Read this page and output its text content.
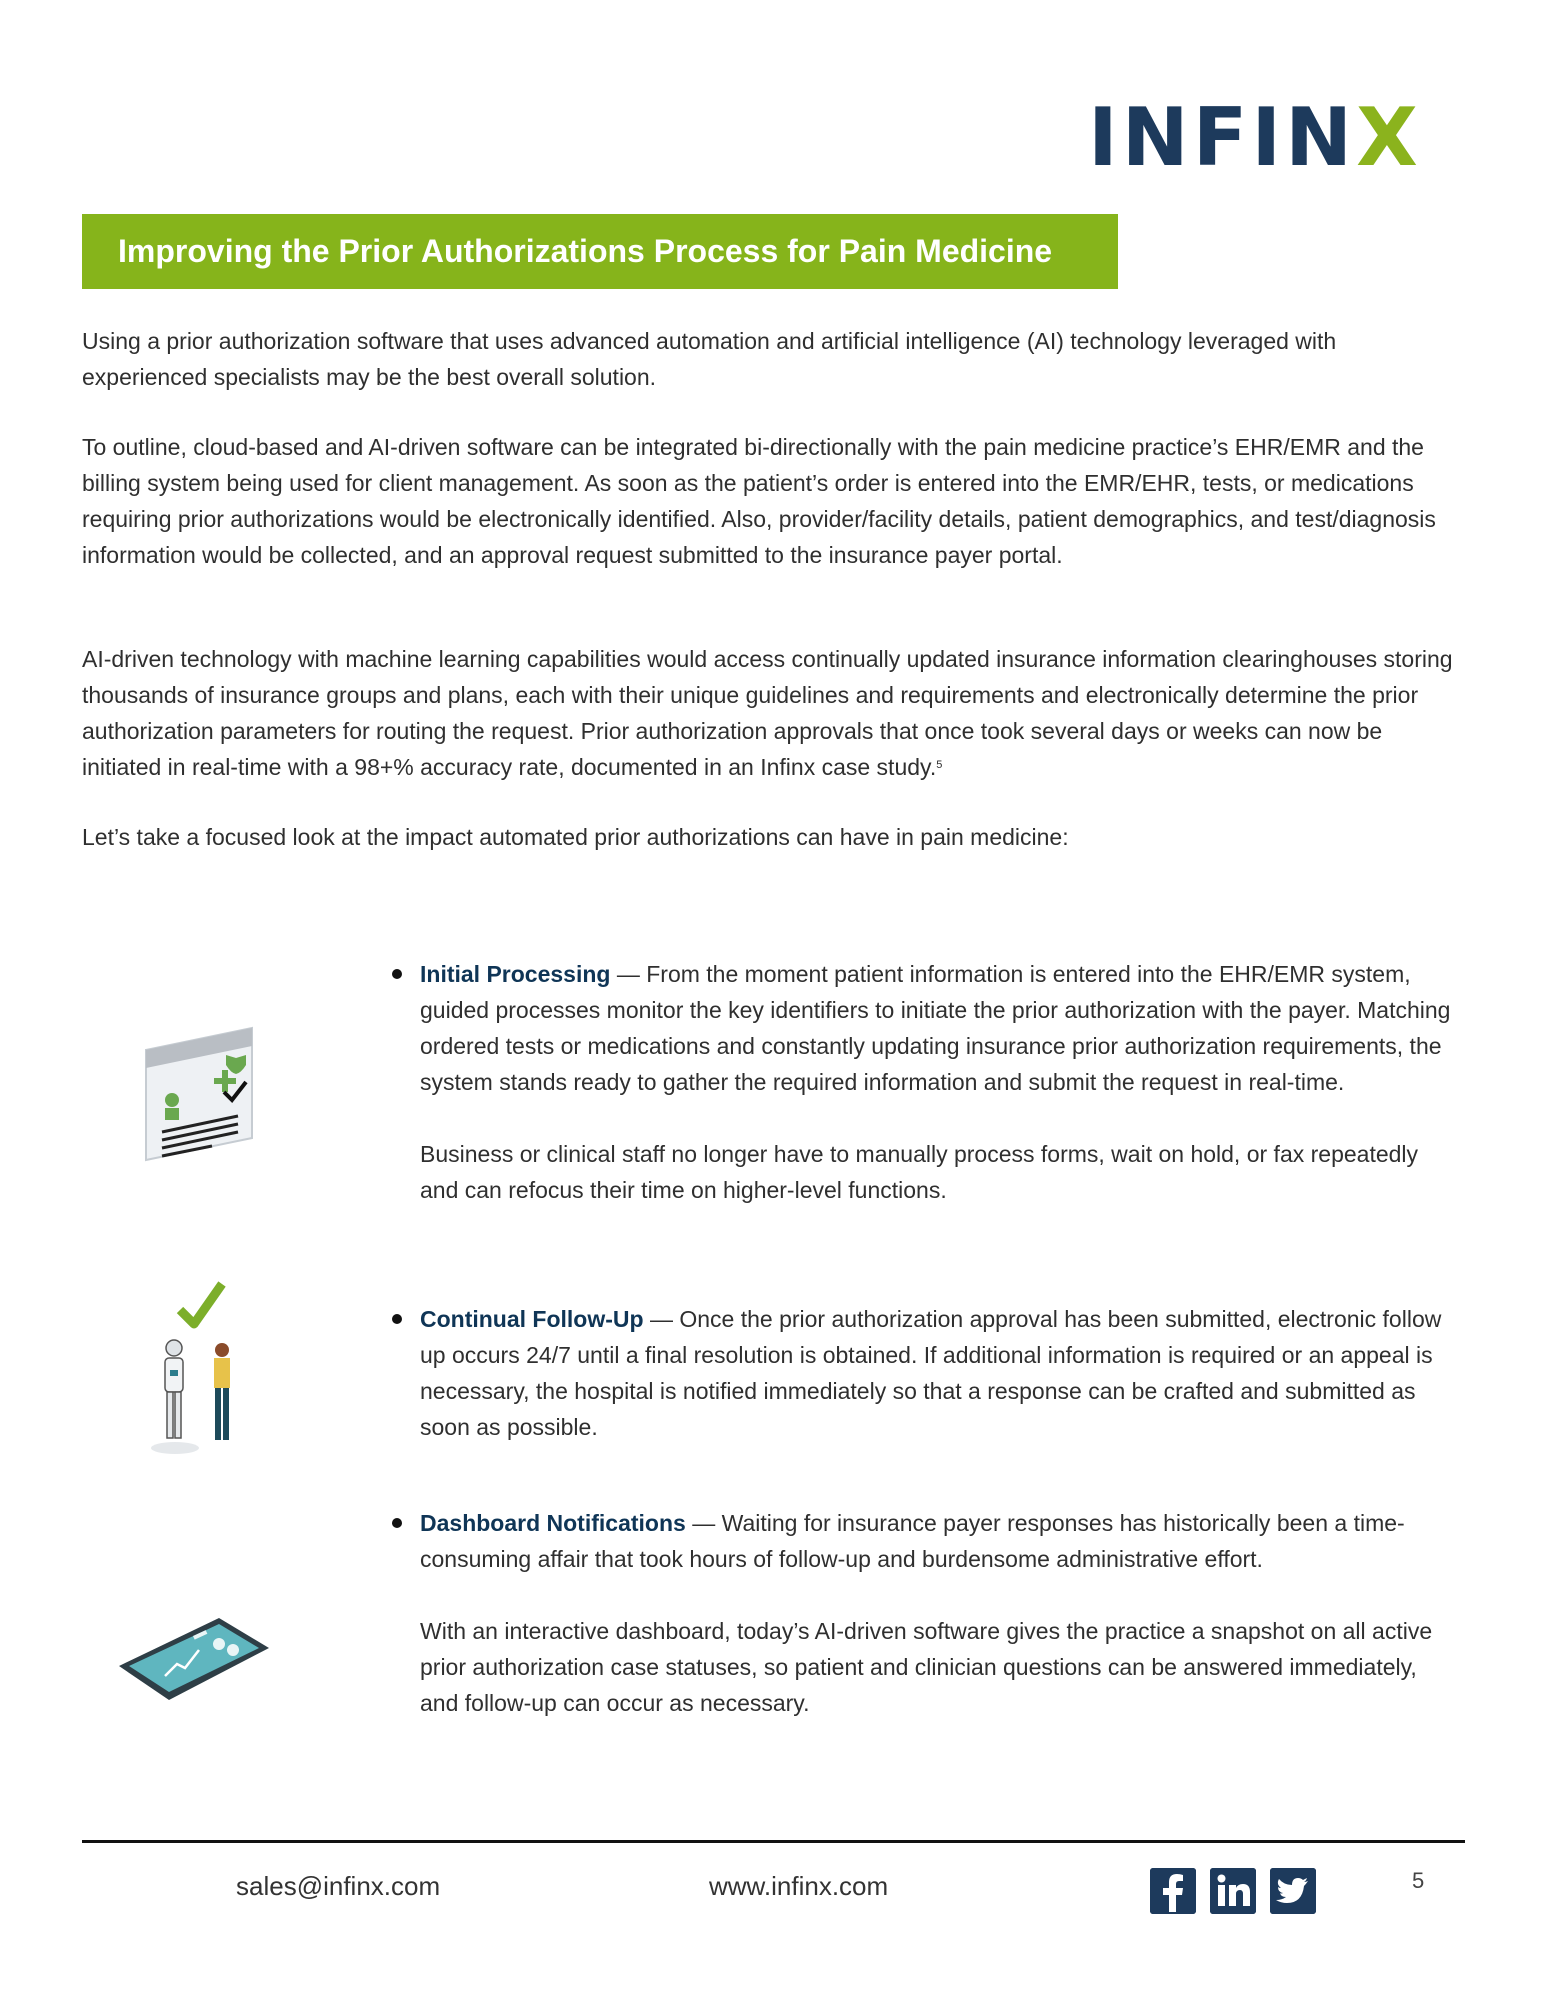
INFINX
Improving the Prior Authorizations Process for Pain Medicine

Using a prior authorization software that uses advanced automation and artificial intelligence (AI) technology leveraged with experienced specialists may be the best overall solution.

To outline, cloud-based and AI-driven software can be integrated bi-directionally with the pain medicine practice’s EHR/EMR and the billing system being used for client management. As soon as the patient’s order is entered into the EMR/EHR, tests, or medications requiring prior authorizations would be electronically identified. Also, provider/facility details, patient demographics, and test/diagnosis information would be collected, and an approval request submitted to the insurance payer portal.

AI-driven technology with machine learning capabilities would access continually updated insurance information clearinghouses storing thousands of insurance groups and plans, each with their unique guidelines and requirements and electronically determine the prior authorization parameters for routing the request. Prior authorization approvals that once took several days or weeks can now be initiated in real-time with a 98+% accuracy rate, documented in an Infinx case study.$^5$

Let’s take a focused look at the impact automated prior authorizations can have in pain medicine:

Initial Processing — From the moment patient information is entered into the EHR/EMR system, guided processes monitor the key identifiers to initiate the prior authorization with the payer. Matching ordered tests or medications and constantly updating insurance prior authorization requirements, the system stands ready to gather the required information and submit the request in real-time.

Business or clinical staff no longer have to manually process forms, wait on hold, or fax repeatedly and can refocus their time on higher-level functions.

Continual Follow-Up — Once the prior authorization approval has been submitted, electronic follow up occurs 24/7 until a final resolution is obtained. If additional information is required or an appeal is necessary, the hospital is notified immediately so that a response can be crafted and submitted as soon as possible.

Dashboard Notifications — Waiting for insurance payer responses has historically been a time-consuming affair that took hours of follow-up and burdensome administrative effort.

With an interactive dashboard, today’s AI-driven software gives the practice a snapshot on all active prior authorization case statuses, so patient and clinician questions can be answered immediately, and follow-up can occur as necessary.

sales@infinx.com	www.infinx.com	5
